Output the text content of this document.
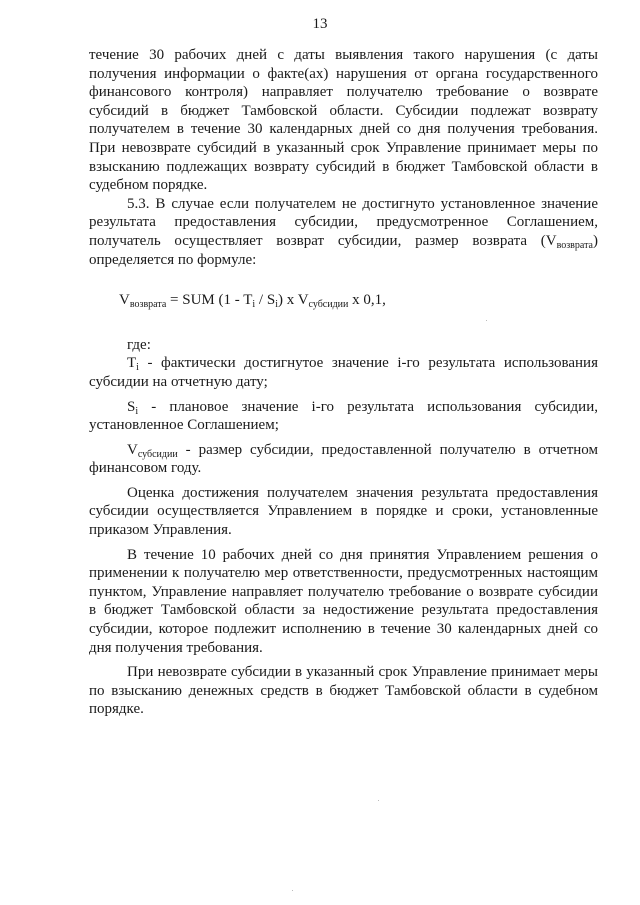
13

течение 30 рабочих дней с даты выявления такого нарушения (с даты получения информации о факте(ах) нарушения от органа государственного финансового контроля) направляет получателю требование о возврате субсидий в бюджет Тамбовской области. Субсидии подлежат возврату получателем в течение 30 календарных дней со дня получения требования. При невозврате субсидий в указанный срок Управление принимает меры по взысканию подлежащих возврату субсидий в бюджет Тамбовской области в судебном порядке.

5.3. В случае если получателем не достигнуто установленное значение результата предоставления субсидии, предусмотренное Соглашением, получатель осуществляет возврат субсидии, размер возврата $(V_{возврата})$ определяется по формуле:

$V_{возврата}$ = SUM $(1 - T_i / S_i)$ x $V_{субсидии}$ x 0,1,

где:

$T_i$ - фактически достигнутое значение i-го результата использования субсидии на отчетную дату;

$S_i$ - плановое значение i-го результата использования субсидии, установленное Соглашением;

$V_{субсидии}$ - размер субсидии, предоставленной получателю в отчетном финансовом году.

Оценка достижения получателем значения результата предоставления субсидии осуществляется Управлением в порядке и сроки, установленные приказом Управления.

В течение 10 рабочих дней со дня принятия Управлением решения о применении к получателю мер ответственности, предусмотренных настоящим пунктом, Управление направляет получателю требование о возврате субсидии в бюджет Тамбовской области за недостижение результата предоставления субсидии, которое подлежит исполнению в течение 30 календарных дней со дня получения требования.

При невозврате субсидии в указанный срок Управление принимает меры по взысканию денежных средств в бюджет Тамбовской области в судебном порядке.
